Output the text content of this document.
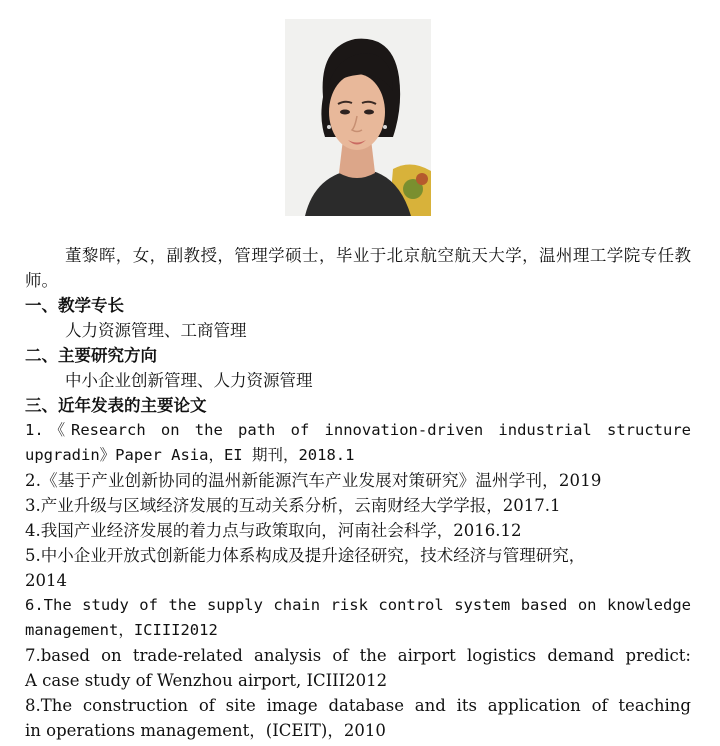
董黎晖，女，副教授，管理学硕士，毕业于北京航空航天大学，温州理工学院专任教师。

一、教学专长

人力资源管理、工商管理

二、主要研究方向

中小企业创新管理、人力资源管理

三、近年发表的主要论文

1.《Research on the path of innovation-driven industrial structure
upgradin》Paper Asia，EI 期刊，2018.1
2.《基于产业创新协同的温州新能源汽车产业发展对策研究》温州学刊，2019
3.产业升级与区域经济发展的互动关系分析，云南财经大学学报，2017.1
4.我国产业经济发展的着力点与政策取向，河南社会科学，2016.12
5.中小企业开放式创新能力体系构成及提升途径研究，技术经济与管理研究，
2014
6.The study of the supply chain risk control system based on knowledge
management，ICIII2012
7.based on trade-related analysis of the airport logistics demand predict:
A case study of Wenzhou airport, ICIII2012
8.The construction of site image database and its application of teaching
in operations management，(ICEIT)，2010
